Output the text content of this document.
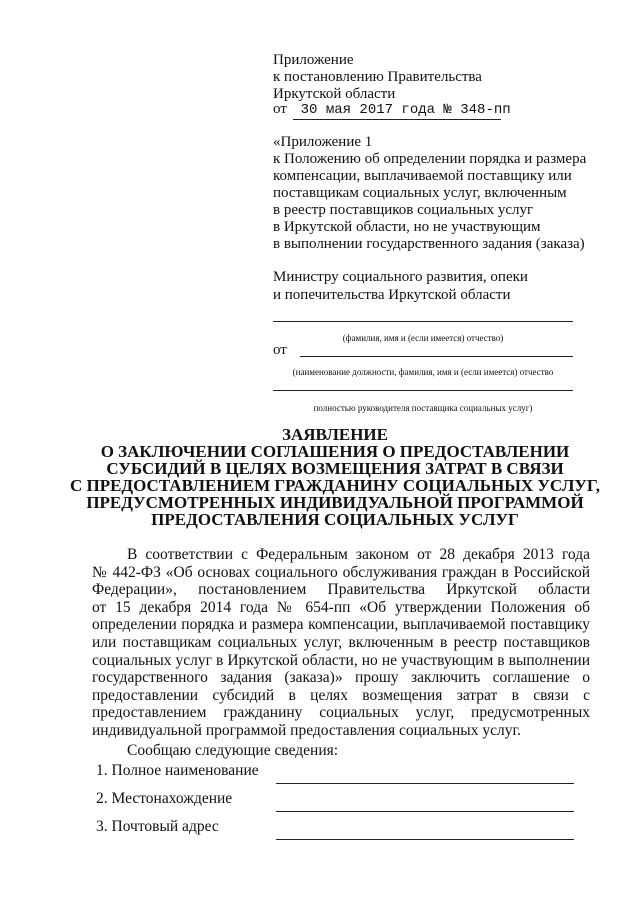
Приложение
к постановлению Правительства
Иркутской области
от 30 мая 2017 года № 348-пп
«Приложение 1
к Положению об определении порядка и размера
компенсации, выплачиваемой поставщику или
поставщикам социальных услуг, включенным
в реестр поставщиков социальных услуг
в Иркутской области, но не участвующим
в выполнении государственного задания (заказа)
Министру социального развития, опеки
и попечительства Иркутской области
(фамилия, имя и (если имеется) отчество)
от
(наименование должности, фамилия, имя и (если имеется) отчество
полностью руководителя поставщика социальных услуг)
ЗАЯВЛЕНИЕ
О ЗАКЛЮЧЕНИИ СОГЛАШЕНИЯ О ПРЕДОСТАВЛЕНИИ
СУБСИДИЙ В ЦЕЛЯХ ВОЗМЕЩЕНИЯ ЗАТРАТ В СВЯЗИ
С ПРЕДОСТАВЛЕНИЕМ ГРАЖДАНИНУ СОЦИАЛЬНЫХ УСЛУГ,
ПРЕДУСМОТРЕННЫХ ИНДИВИДУАЛЬНОЙ ПРОГРАММОЙ
ПРЕДОСТАВЛЕНИЯ СОЦИАЛЬНЫХ УСЛУГ
В соответствии с Федеральным законом от 28 декабря 2013 года
№ 442-ФЗ «Об основах социального обслуживания граждан в Российской
Федерации», постановлением Правительства Иркутской области
от 15 декабря 2014 года № 654-пп «Об утверждении Положения об
определении порядка и размера компенсации, выплачиваемой поставщику
или поставщикам социальных услуг, включенным в реестр поставщиков
социальных услуг в Иркутской области, но не участвующим в выполнении
государственного задания (заказа)» прошу заключить соглашение о
предоставлении субсидий в целях возмещения затрат в связи с
предоставлением гражданину социальных услуг, предусмотренных
индивидуальной программой предоставления социальных услуг.
Сообщаю следующие сведения:
1. Полное наименование
2. Местонахождение
3. Почтовый адрес
